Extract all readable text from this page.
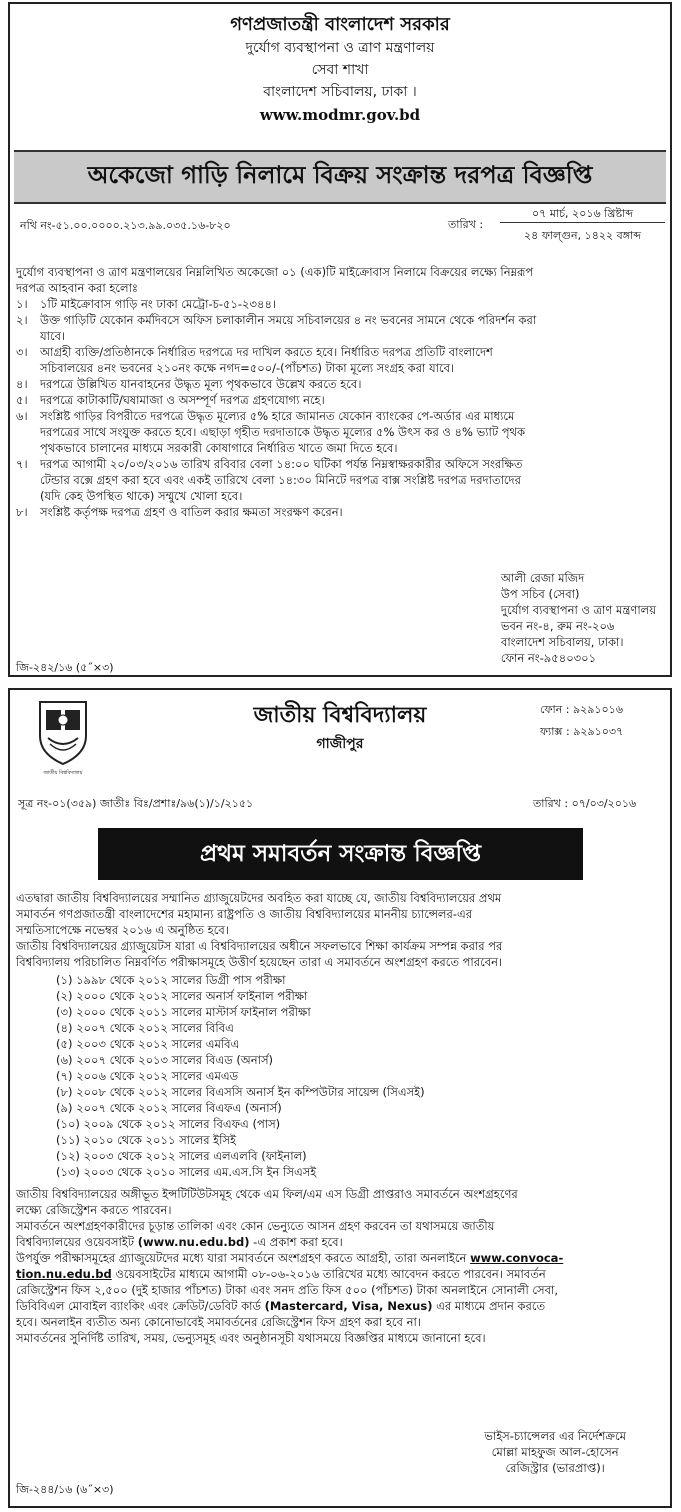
গণপ্রজাতন্ত্রী বাংলাদেশ সরকার
দুর্যোগ ব্যবস্থাপনা ও ত্রাণ মন্ত্রণালয়
সেবা শাখা
বাংলাদেশ সচিবালয়, ঢাকা ।
www.modmr.gov.bd
অকেজো গাড়ি নিলামে বিক্রয় সংক্রান্ত দরপত্র বিজ্ঞপ্তি
নথি নং-৫১.০০.০০০০.২১৩.৯৯.০৩৫.১৬-৮২০	তারিখ :
০৭ মার্চ, ২০১৬ খ্রিষ্টাব্দ
২৪ ফাল্গুন, ১৪২২ বঙ্গাব্দ
দুর্যোগ ব্যবস্থাপনা ও ত্রাণ মন্ত্রণালয়ের নিম্নলিখিত অকেজো ০১ (এক)টি মাইক্রোবাস নিলামে বিক্রয়ের লক্ষ্যে নিম্নরূপ
দরপত্র আহবান করা হলোঃ
১।	১টি মাইক্রোবাস গাড়ি নং ঢাকা মেট্রো-চ-৫১-২৩৪৪।
২।	উক্ত গাড়িটি যেকোন কর্মদিবসে অফিস চলাকালীন সময়ে সচিবালয়ের ৪ নং ভবনের সামনে থেকে পরিদর্শন করা
যাবে।
৩।	আগ্রহী ব্যক্তি/প্রতিষ্ঠানকে নির্ধারিত দরপত্রে দর দাখিল করতে হবে। নির্ধারিত দরপত্র প্রতিটি বাংলাদেশ
সচিবালয়ের ৪নং ভবনের ২১০নং কক্ষে নগদ=৫০০/-(পাঁচশত) টাকা মূল্যে সংগ্রহ করা যাবে।
৪।	দরপত্রে উল্লিখিত যানবাহনের উদ্ধৃত মূল্য পৃথকভাবে উল্লেখ করতে হবে।
৫।	দরপত্রে কাটাকাটি/ঘষামাজা ও অসম্পূর্ণ দরপত্র গ্রহণযোগ্য নহে।
৬।	সংশ্লিষ্ট গাড়ির বিপরীতে দরপত্রে উদ্ধৃত মূল্যের ৫% হারে জামানত যেকোন ব্যাংকের পে-অর্ডার এর মাধ্যমে
দরপত্রের সাথে সংযুক্ত করতে হবে। এছাড়া গৃহীত দরদাতাকে উদ্ধৃত মূল্যের ৫% উৎস কর ও ৪% ভ্যাট পৃথক
পৃথকভাবে চালানের মাধ্যমে সরকারী কোষাগারে নির্ধারিত খাতে জমা দিতে হবে।
৭।	দরপত্র আগামী ২০/০৩/২০১৬ তারিখ রবিবার বেলা ১৪:০০ ঘটিকা পর্যন্ত নিম্নস্বাক্ষরকারীর অফিসে সংরক্ষিত
টেন্ডার বক্সে গ্রহণ করা হবে এবং একই তারিখে বেলা ১৪:৩০ মিনিটে দরপত্র বাক্স সংশ্লিষ্ট দরপত্র দরদাতাদের
(যদি কেহ উপস্থিত থাকে) সম্মুখে খোলা হবে।
৮।	সংশ্লিষ্ট কর্তৃপক্ষ দরপত্র গ্রহণ ও বাতিল করার ক্ষমতা সংরক্ষণ করেন।
আলী রেজা মজিদ
উপ সচিব (সেবা)
দুর্যোগ ব্যবস্থাপনা ও ত্রাণ মন্ত্রণালয়
ভবন নং-৪, রুম নং-২০৬
বাংলাদেশ সচিবালয়, ঢাকা।
ফোন নং-৯৫৪০৩০১
জি-২৪২/১৬ (৫˝×৩)
জাতীয় বিশ্ববিদ্যালয়
জাতীয় বিশ্ববিদ্যালয়
গাজীপুর
ফোন : ৯২৯১০১৬
ফ্যাক্স : ৯২৯১০৩৭
সূত্র নং-০১(৩৫৯) জাতীঃ বিঃ/প্রশাঃ/৯৬(১)/১/২১৫১	তারিখ : ০৭/০৩/২০১৬
প্রথম সমাবর্তন সংক্রান্ত বিজ্ঞপ্তি
এতদ্বারা জাতীয় বিশ্ববিদ্যালয়ের সম্মানিত গ্র্যাজুয়েটদের অবহিত করা যাচ্ছে যে, জাতীয় বিশ্ববিদ্যালয়ের প্রথম
সমাবর্তন গণপ্রজাতন্ত্রী বাংলাদেশের মহামান্য রাষ্ট্রপতি ও জাতীয় বিশ্ববিদ্যালয়ের মাননীয় চ্যান্সেলর-এর
সম্মতিসাপেক্ষে নভেম্বর ২০১৬ এ অনুষ্ঠিত হবে।
জাতীয় বিশ্ববিদ্যালয়ের গ্র্যাজুয়েটস যারা এ বিশ্ববিদ্যালয়ের অধীনে সফলভাবে শিক্ষা কার্যক্রম সম্পন্ন করার পর
বিশ্ববিদ্যালয় পরিচালিত নিম্নবর্ণিত পরীক্ষাসমূহে উত্তীর্ণ হয়েছেন তারা এ সমাবর্তনে অংশগ্রহণ করতে পারবেন।
(১) ১৯৯৮ থেকে ২০১২ সালের ডিগ্রী পাস পরীক্ষা
(২) ২০০০ থেকে ২০১২ সালের অনার্স ফাইনাল পরীক্ষা
(৩) ২০০০ থেকে ২০১১ সালের মাস্টার্স ফাইনাল পরীক্ষা
(৪) ২০০৭ থেকে ২০১২ সালের বিবিএ
(৫) ২০০৩ থেকে ২০১২ সালের এমবিএ
(৬) ২০০৭ থেকে ২০১৩ সালের বিএড (অনার্স)
(৭) ২০০৬ থেকে ২০১২ সালের এমএড
(৮) ২০০৮ থেকে ২০১২ সালের বিএসসি অনার্স ইন কম্পিউটার সায়েন্স (সিএসই)
(৯) ২০০৭ থেকে ২০১২ সালের বিএফএ (অনার্স)
(১০) ২০০৯ থেকে ২০১২ সালের বিএফএ (পাস)
(১১) ২০১০ থেকে ২০১১ সালের ইসিই
(১২) ২০০৩ থেকে ২০১২ সালের এলএলবি (ফাইনাল)
(১৩) ২০০৩ থেকে ২০১০ সালের এম.এস.সি ইন সিএসই
জাতীয় বিশ্ববিদ্যালয়ের অঙ্গীভূত ইন্সটিটিউটসমূহ থেকে এম ফিল/এম এস ডিগ্রী প্রাপ্তরাও সমাবর্তনে অংশগ্রহণের
লক্ষ্যে রেজিস্ট্রেশন করতে পারবেন।
সমাবর্তনে অংশগ্রহণকারীদের চূড়ান্ত তালিকা এবং কোন ভেন্যুতে আসন গ্রহণ করবেন তা যথাসময়ে জাতীয়
বিশ্ববিদ্যালয়ের ওয়েবসাইট (www.nu.edu.bd) -এ প্রকাশ করা হবে।
উপর্যুক্ত পরীক্ষাসমূহের গ্র্যাজুয়েটদের মধ্যে যারা সমাবর্তনে অংশগ্রহণ করতে আগ্রহী, তারা অনলাইনে www.convoca-
tion.nu.edu.bd ওয়েবসাইটের মাধ্যমে আগামী ০৮-০৬-২০১৬ তারিখের মধ্যে আবেদন করতে পারবেন। সমাবর্তন
রেজিস্ট্রেশন ফিস ২,৫০০ (দুই হাজার পাঁচশত) টাকা এবং সনদ প্রতি ফিস ৫০০ (পাঁচশত) টাকা অনলাইনে সোনালী সেবা,
ডিবিবিএল মোবাইল ব্যাংকিং এবং ক্রেডিট/ডেবিট কার্ড (Mastercard, Visa, Nexus) এর মাধ্যমে প্রদান করতে
হবে। অনলাইন ব্যতীত অন্য কোনোভাবেই সমাবর্তনের রেজিস্ট্রেশন ফিস গ্রহণ করা হবে না।
সমাবর্তনের সুনির্দিষ্ট তারিখ, সময়, ভেন্যুসমূহ এবং অনুষ্ঠানসূচী যথাসময়ে বিজ্ঞপ্তির মাধ্যমে জানানো হবে।
ভাইস-চ্যান্সেলর এর নির্দেশক্রমে
মোল্লা মাহফুজ আল-হোসেন
রেজিস্ট্রার (ভারপ্রাপ্ত)।
জি-২৪৪/১৬ (৬˝×৩)
